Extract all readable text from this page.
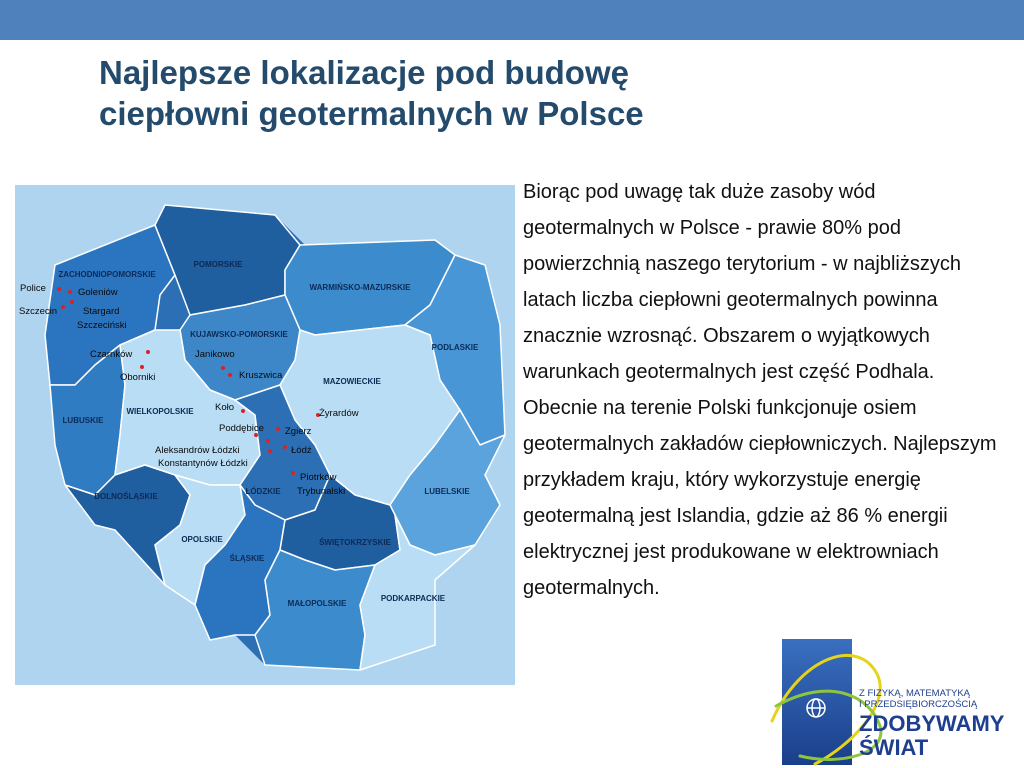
Najlepsze lokalizacje pod budowę
ciepłowni geotermalnych w Polsce
ZACHODNIOPOMORSKIE
POMORSKIE
WARMIŃSKO-MAZURSKIE
PODLASKIE
KUJAWSKO-POMORSKIE
LUBUSKIE
WIELKOPOLSKIE
MAZOWIECKIE
ŁÓDZKIE
DOLNOŚLĄSKIE
LUBELSKIE
OPOLSKIE
ŚLĄSKIE
ŚWIĘTOKRZYSKIE
MAŁOPOLSKIE
PODKARPACKIE
Police
Szczecin
Goleniów
Stargard
Szczeciński
Czarnków
Oborniki
Janikowo
Kruszwica
Koło
Poddębice Zgierz
Łódź
Aleksandrów Łódzki
Konstantynów Łódzki
Żyrardów
Piotrków
Trybunalski

Biorąc pod uwagę tak duże zasoby wód geotermalnych w Polsce - prawie 80% pod powierzchnią naszego terytorium - w najbliższych latach liczba ciepłowni geotermalnych powinna znacznie wzrosnąć. Obszarem o wyjątkowych warunkach geotermalnych jest część Podhala. Obecnie na terenie Polski funkcjonuje osiem geotermalnych zakładów ciepłowniczych. Najlepszym przykładem kraju, który wykorzystuje energię geotermalną jest Islandia, gdzie aż 86 % energii elektrycznej jest produkowane w elektrowniach geotermalnych.

Z FIZYKĄ, MATEMATYKĄ
I PRZEDSIĘBIORCZOŚCIĄ
ZDOBYWAMY
ŚWIAT
